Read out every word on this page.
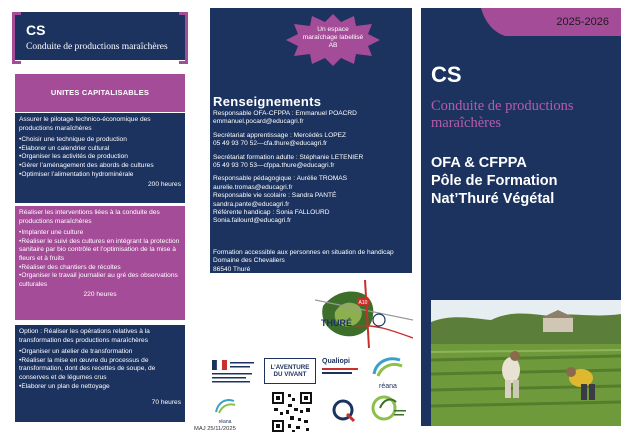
CS
Conduite de productions maraîchères
UNITES CAPITALISABLES
Assurer le pilotage technico-économique des productions maraîchères
• Choisir une technique de production
• Élaborer un calendrier cultural
• Organiser les activités de production
• Gérer l’aménagement des abords de cultures
• Optimiser l’alimentation hydrominérale
200 heures
Réaliser les interventions liées à la conduite des productions maraîchères
• Implanter une culture
• Réaliser le suivi des cultures en intégrant la protection sanitaire par bio contrôle et l’optimisation de la mise à fleurs et à fruits
• Réaliser des chantiers de récoltes
• Organiser le travail journalier au gré des observations culturales
220 heures
Option : Réaliser les opérations relatives à la transformation des productions maraîchères
• Organiser un atelier de transformation
• Réaliser la mise en œuvre du processus de transformation, dont des recettes de soupe, de conserves et de légumes crus
• Élaborer un plan de nettoyage
70 heures
Un espace maraîchage labellisé AB
Renseignements

Responsable OFA-CFPPA : Emmanuel POACRD

emmanuel.pocard@educagri.fr

Secrétariat apprentissage : Mercédès LOPEZ

05 49 93 70 52—cfa.thure@educagri.fr

Secrétariat formation adulte : Stéphanie LETENIER

05 49 93 70 53—cfppa.thure@educagri.fr

Responsable pédagogique : Aurélie TROMAS

aurelie.tromas@educagri.fr

Responsable vie scolaire : Sandra PANTÉ

sandra.pante@educagri.fr

Référente handicap : Sonia FALLOURD

Sonia.fallourd@educagri.fr

Formation accessible aux personnes en situation de handicap

Domaine des Chevaliers

86540 Thuré

A10
THURÉ
L’AVENTURE
DU VIVANT
Qualiopi
réana
réana
MAJ 25/11/2025
2025-2026
CS
Conduite de productions maraîchères

OFA & CFPPA

Pôle de Formation

Nat’Thuré Végétal
